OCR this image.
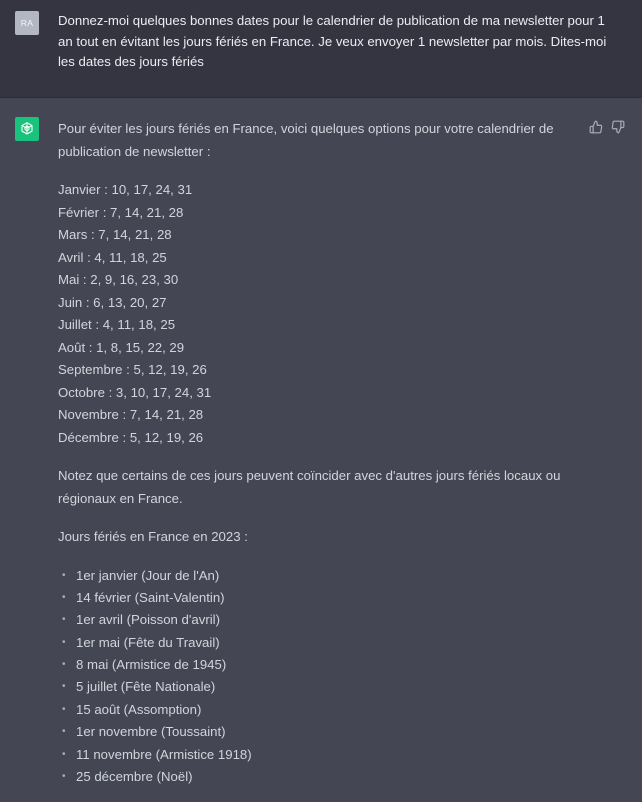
RA	Donnez-moi quelques bonnes dates pour le calendrier de publication de ma newsletter pour 1 an tout en évitant les jours fériés en France. Je veux envoyer 1 newsletter par mois. Dites-moi les dates des jours fériés

Pour éviter les jours fériés en France, voici quelques options pour votre calendrier de publication de newsletter :

Janvier : 10, 17, 24, 31
Février : 7, 14, 21, 28
Mars : 7, 14, 21, 28
Avril : 4, 11, 18, 25
Mai : 2, 9, 16, 23, 30
Juin : 6, 13, 20, 27
Juillet : 4, 11, 18, 25
Août : 1, 8, 15, 22, 29
Septembre : 5, 12, 19, 26
Octobre : 3, 10, 17, 24, 31
Novembre : 7, 14, 21, 28
Décembre : 5, 12, 19, 26

Notez que certains de ces jours peuvent coïncider avec d'autres jours fériés locaux ou régionaux en France.

Jours fériés en France en 2023 :

• 1er janvier (Jour de l'An)
• 14 février (Saint-Valentin)
• 1er avril (Poisson d'avril)
• 1er mai (Fête du Travail)
• 8 mai (Armistice de 1945)
• 5 juillet (Fête Nationale)
• 15 août (Assomption)
• 1er novembre (Toussaint)
• 11 novembre (Armistice 1918)
• 25 décembre (Noël)
